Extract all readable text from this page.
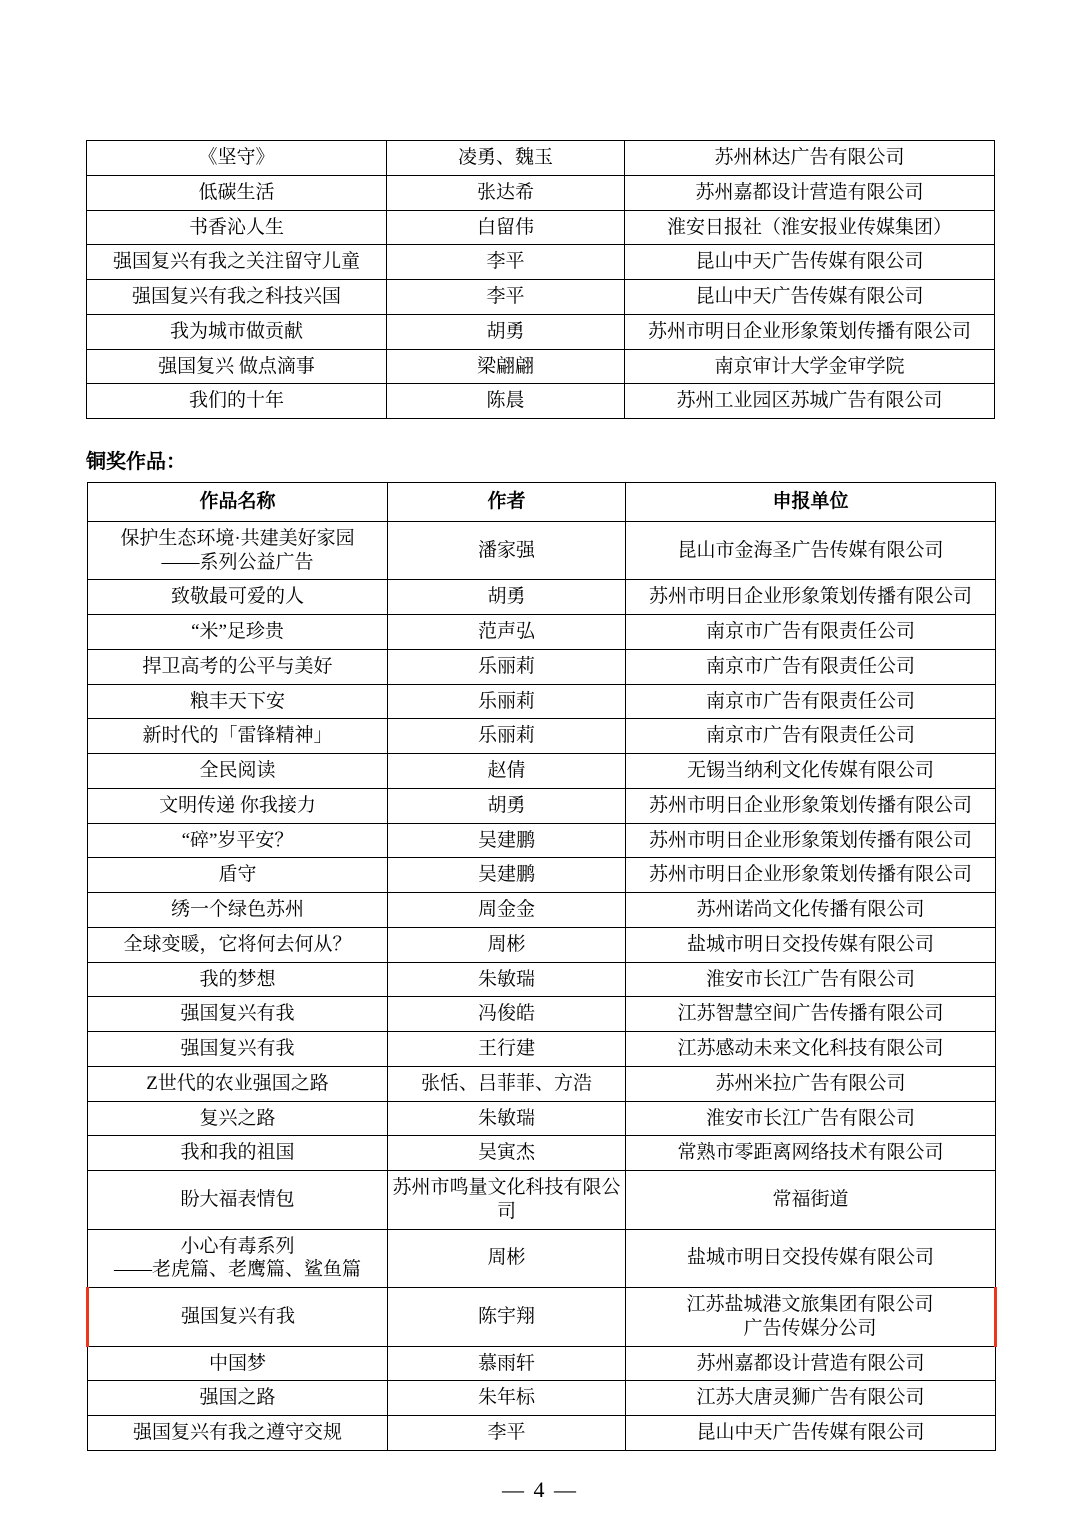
《坚守》	凌勇、魏玉	苏州林达广告有限公司
低碳生活	张达希	苏州嘉都设计营造有限公司
书香沁人生	白留伟	淮安日报社（淮安报业传媒集团）
强国复兴有我之关注留守儿童	李平	昆山中天广告传媒有限公司
强国复兴有我之科技兴国	李平	昆山中天广告传媒有限公司
我为城市做贡献	胡勇	苏州市明日企业形象策划传播有限公司
强国复兴 做点滴事	梁翩翩	南京审计大学金审学院
我们的十年	陈晨	苏州工业园区苏城广告有限公司
铜奖作品：
作品名称	作者	申报单位
保护生态环境·共建美好家园
——系列公益广告	潘家强	昆山市金海圣广告传媒有限公司
致敬最可爱的人	胡勇	苏州市明日企业形象策划传播有限公司
“米”足珍贵	范声弘	南京市广告有限责任公司
捍卫高考的公平与美好	乐丽莉	南京市广告有限责任公司
粮丰天下安	乐丽莉	南京市广告有限责任公司
新时代的「雷锋精神」	乐丽莉	南京市广告有限责任公司
全民阅读	赵倩	无锡当纳利文化传媒有限公司
文明传递 你我接力	胡勇	苏州市明日企业形象策划传播有限公司
“碎”岁平安？	吴建鹏	苏州市明日企业形象策划传播有限公司
盾守	吴建鹏	苏州市明日企业形象策划传播有限公司
绣一个绿色苏州	周金金	苏州诺尚文化传播有限公司
全球变暖，它将何去何从？	周彬	盐城市明日交投传媒有限公司
我的梦想	朱敏瑞	淮安市长江广告有限公司
强国复兴有我	冯俊皓	江苏智慧空间广告传播有限公司
强国复兴有我	王行建	江苏感动未来文化科技有限公司
Z世代的农业强国之路	张恬、吕菲菲、方浩	苏州米拉广告有限公司
复兴之路	朱敏瑞	淮安市长江广告有限公司
我和我的祖国	吴寅杰	常熟市零距离网络技术有限公司
盼大福表情包	苏州市鸣量文化科技有限公司	常福街道
小心有毒系列
——老虎篇、老鹰篇、鲨鱼篇	周彬	盐城市明日交投传媒有限公司
强国复兴有我	陈宇翔	江苏盐城港文旅集团有限公司
广告传媒分公司
中国梦	慕雨轩	苏州嘉都设计营造有限公司
强国之路	朱年标	江苏大唐灵狮广告有限公司
强国复兴有我之遵守交规	李平	昆山中天广告传媒有限公司
— 4 —
